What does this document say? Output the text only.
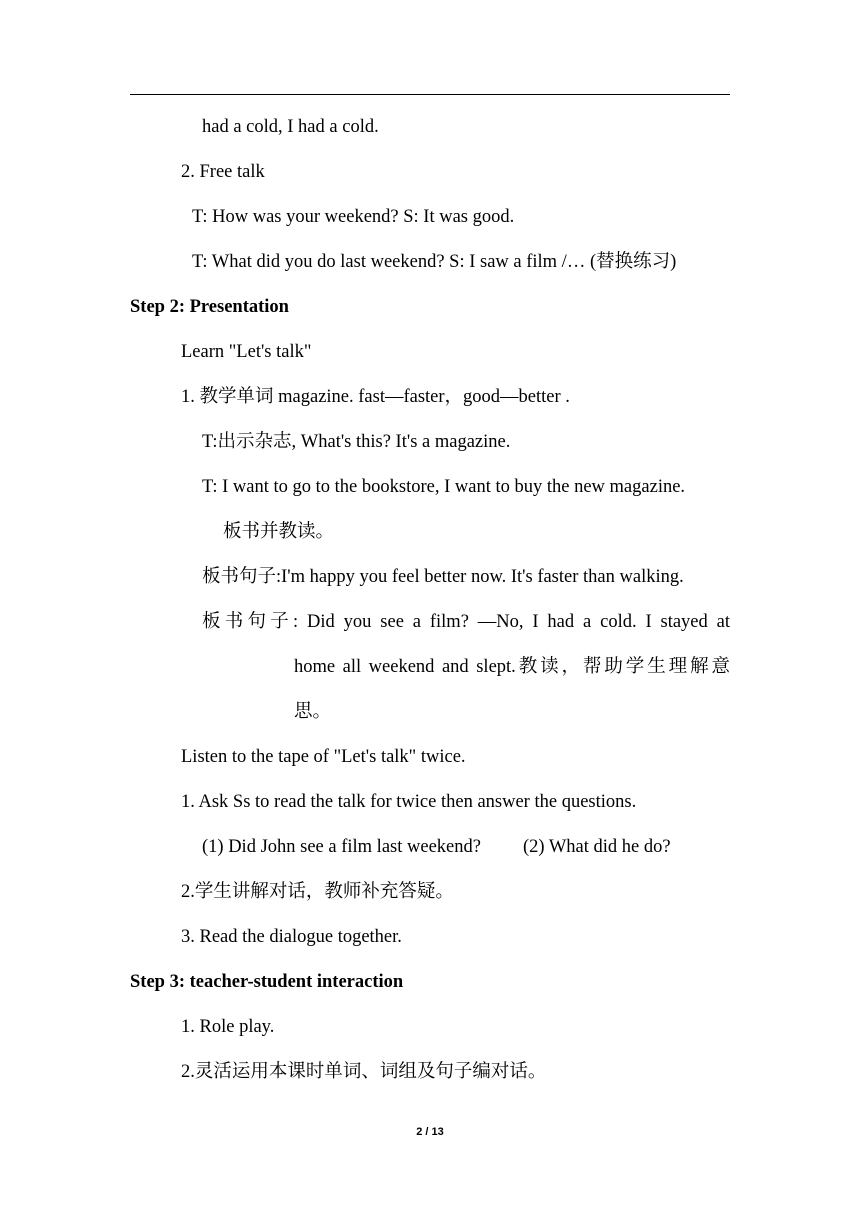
had a cold, I had a cold.
2. Free talk
T: How was your weekend? S: It was good.
T: What did you do last weekend? S: I saw a film /… (替换练习)
Step 2: Presentation
Learn "Let's talk"
1. 教学单词 magazine. fast—faster，good—better .
T:出示杂志, What's this? It's a magazine.
T: I want to go to the bookstore, I want to buy the new magazine.
板书并教读。
板书句子:I'm happy you feel better now. It's faster than walking.
板书句子: Did you see a film? —No, I had a cold. I stayed at
home all weekend and slept.教读，帮助学生理解意
思。
Listen to the tape of "Let's talk" twice.
1. Ask Ss to read the talk for twice then answer the questions.
(1) Did John see a film last weekend? (2) What did he do?
2.学生讲解对话，教师补充答疑。
3. Read the dialogue together.
Step 3: teacher-student interaction
1. Role play.
2.灵活运用本课时单词、词组及句子编对话。
2 / 13
